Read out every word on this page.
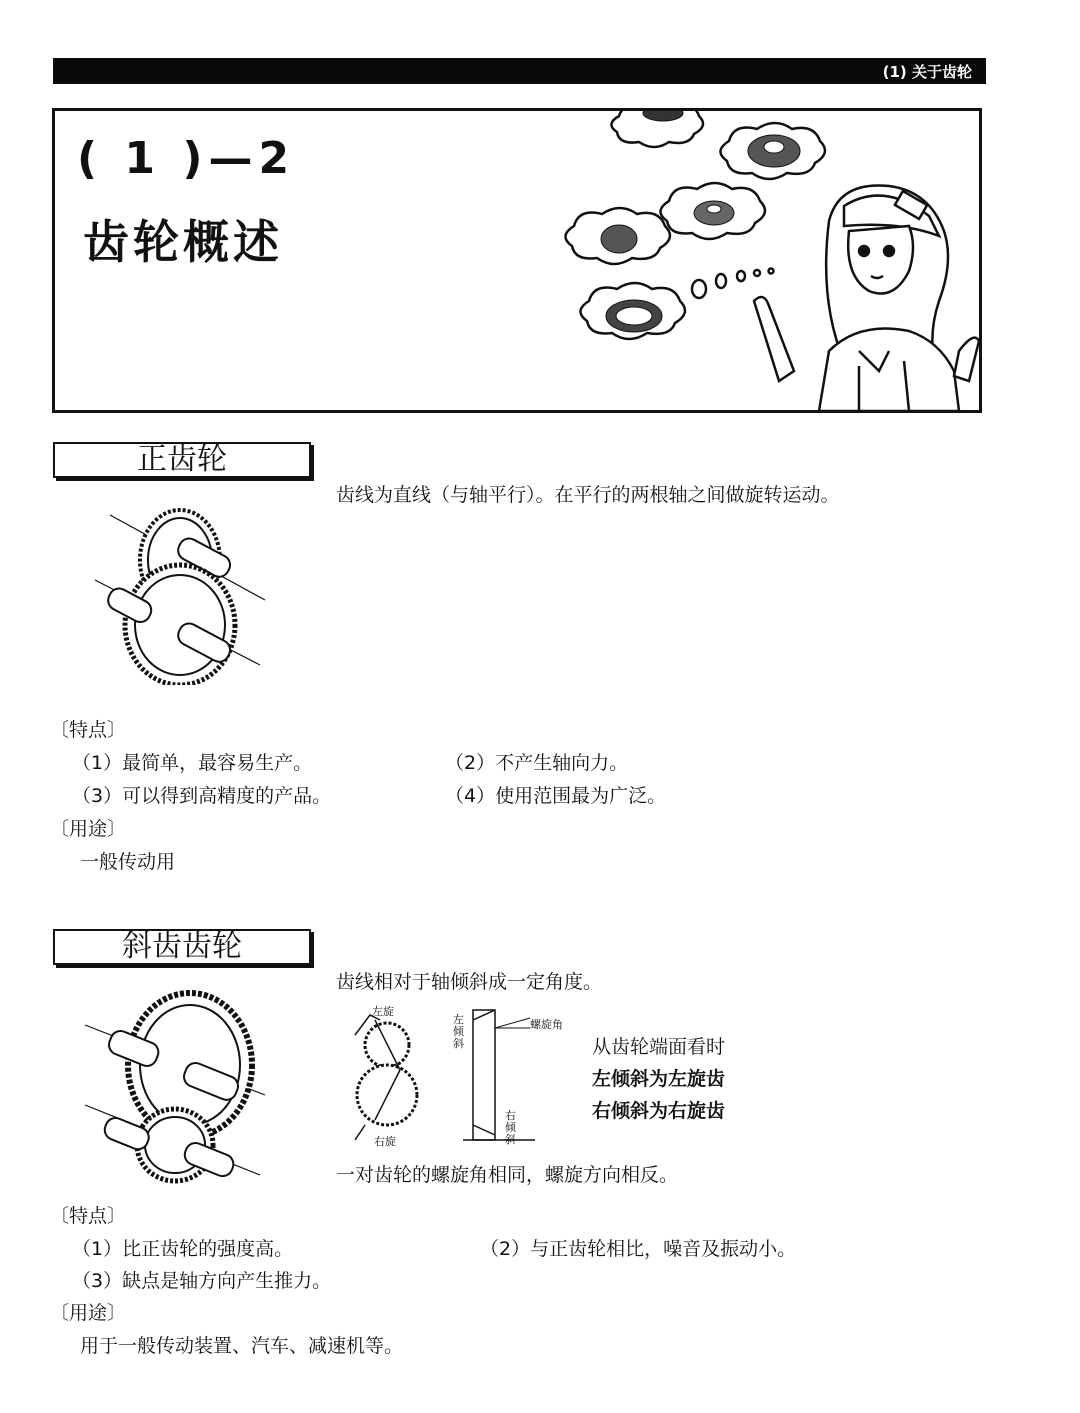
(1) 关于齿轮
( 1 )—2
齿轮概述
正齿轮
齿线为直线（与轴平行）。在平行的两根轴之间做旋转运动。
〔特点〕
（1）最简单，最容易生产。	（2）不产生轴向力。
（3）可以得到高精度的产品。	（4）使用范围最为广泛。
〔用途〕
一般传动用
斜齿齿轮
齿线相对于轴倾斜成一定角度。
左旋
右旋
左倾斜
右倾斜
螺旋角
从齿轮端面看时
左倾斜为左旋齿
右倾斜为右旋齿
一对齿轮的螺旋角相同，螺旋方向相反。
〔特点〕
（1）比正齿轮的强度高。	（2）与正齿轮相比，噪音及振动小。
（3）缺点是轴方向产生推力。
〔用途〕
用于一般传动装置、汽车、减速机等。
